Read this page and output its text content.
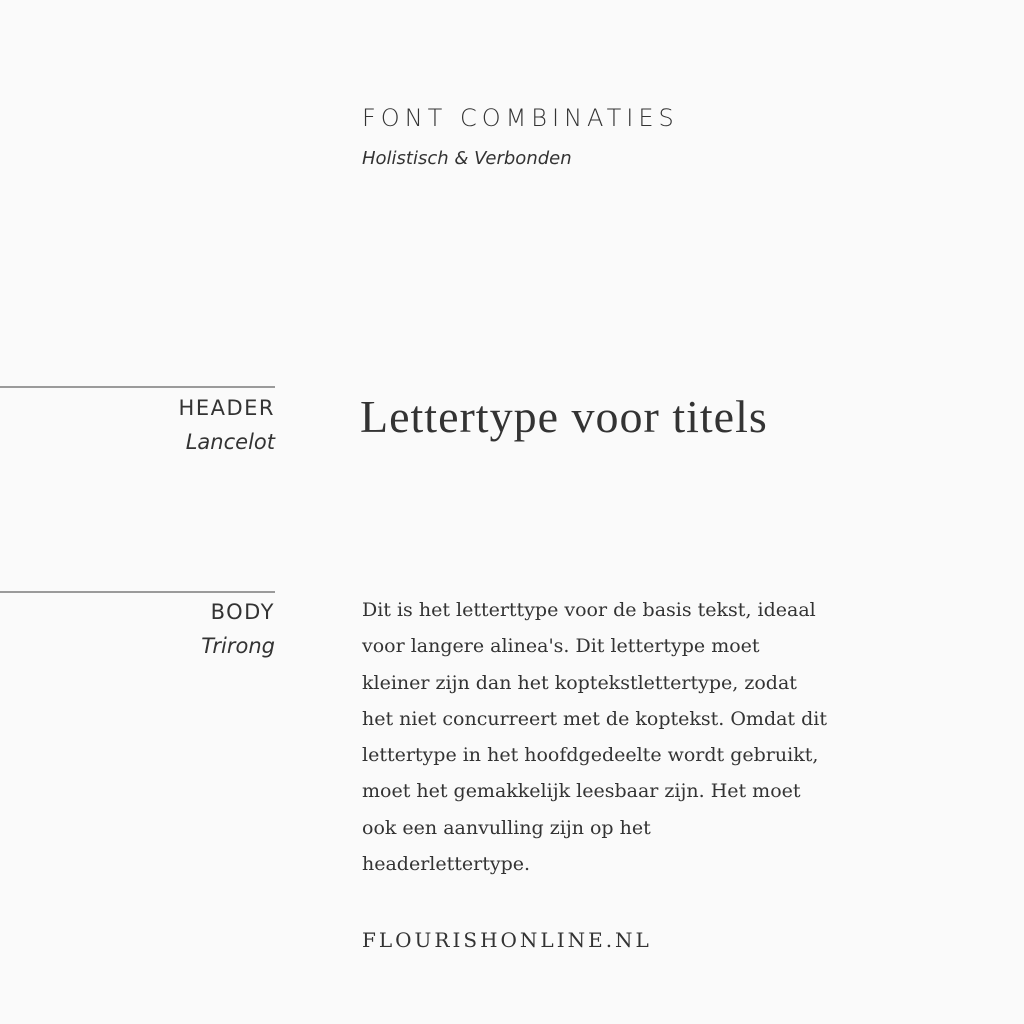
FONT COMBINATIES
Holistisch & Verbonden
HEADER
Lancelot Lettertype voor titels
BODY
Trirong
Dit is het letterttype voor de basis tekst, ideaal
voor langere alinea's. Dit lettertype moet
kleiner zijn dan het koptekstlettertype, zodat
het niet concurreert met de koptekst. Omdat dit
lettertype in het hoofdgedeelte wordt gebruikt,
moet het gemakkelijk leesbaar zijn. Het moet
ook een aanvulling zijn op het
headerlettertype.
FLOURISHONLINE.NL
